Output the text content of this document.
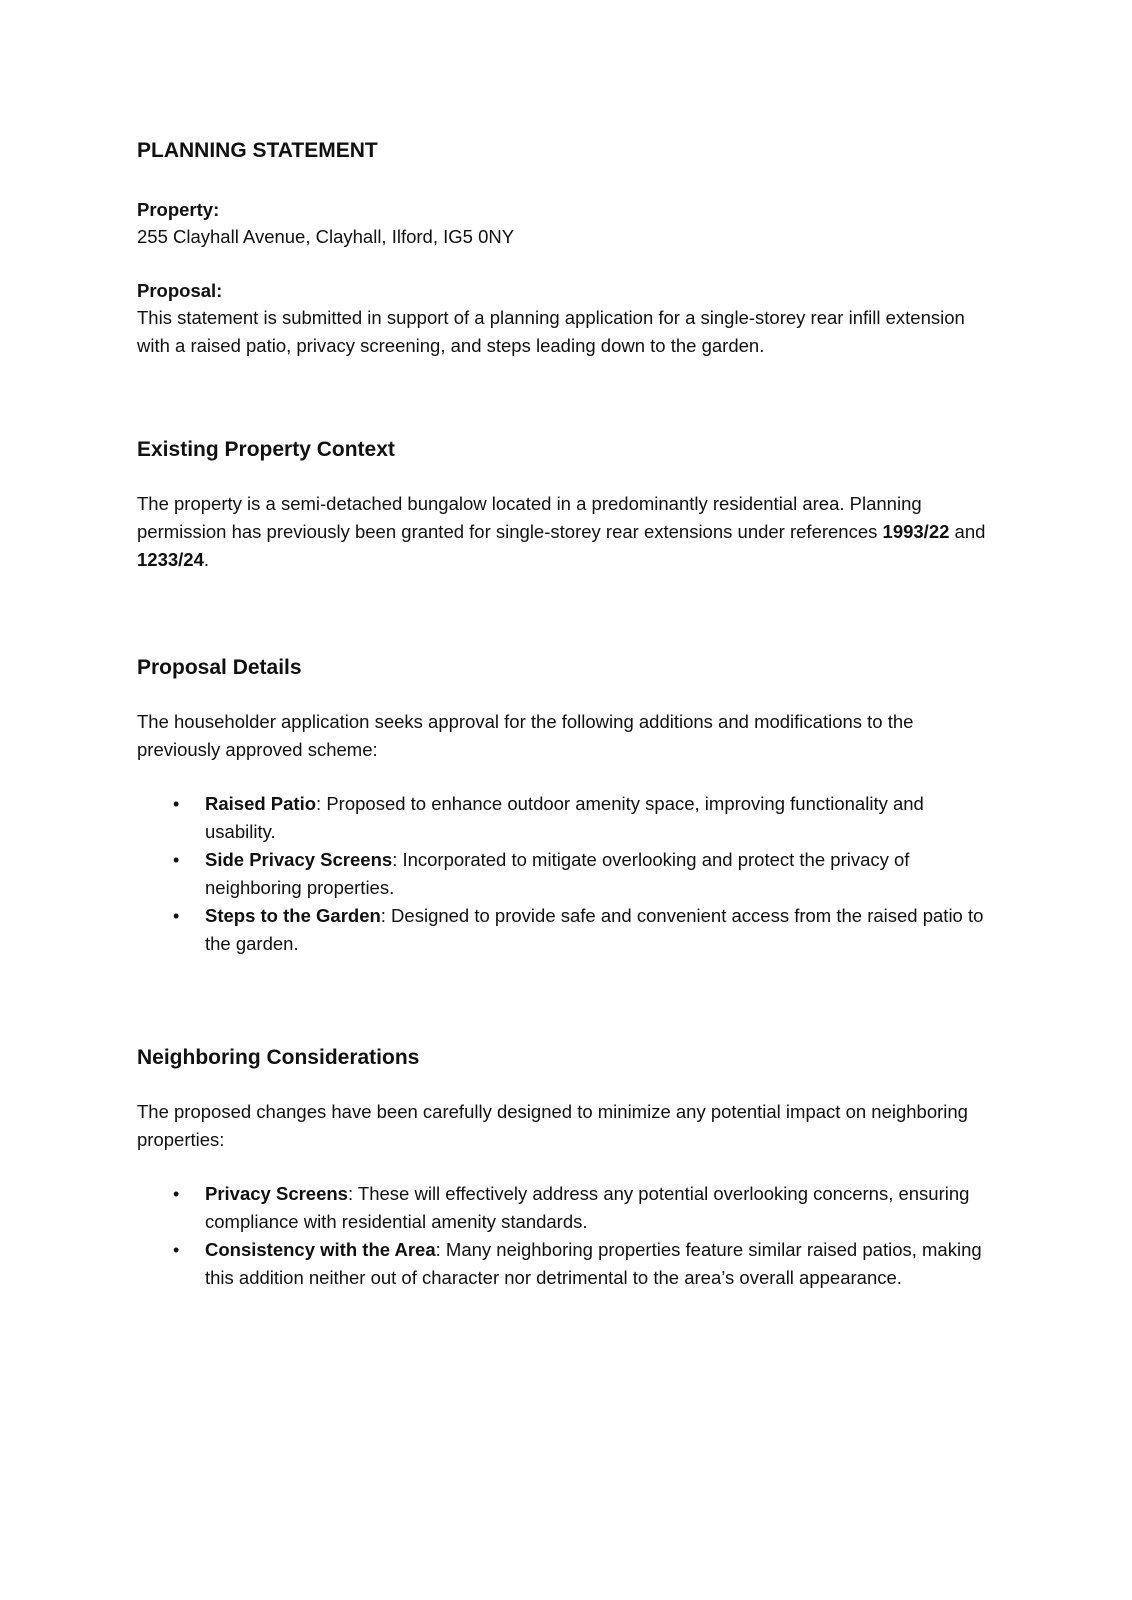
PLANNING STATEMENT

Property:

255 Clayhall Avenue, Clayhall, Ilford, IG5 0NY

Proposal:

This statement is submitted in support of a planning application for a single-storey rear infill extension with a raised patio, privacy screening, and steps leading down to the garden.

Existing Property Context

The property is a semi-detached bungalow located in a predominantly residential area. Planning permission has previously been granted for single-storey rear extensions under references 1993/22 and 1233/24.

Proposal Details

The householder application seeks approval for the following additions and modifications to the previously approved scheme:

• Raised Patio: Proposed to enhance outdoor amenity space, improving functionality and usability.
• Side Privacy Screens: Incorporated to mitigate overlooking and protect the privacy of neighboring properties.
• Steps to the Garden: Designed to provide safe and convenient access from the raised patio to the garden.

Neighboring Considerations

The proposed changes have been carefully designed to minimize any potential impact on neighboring properties:

• Privacy Screens: These will effectively address any potential overlooking concerns, ensuring compliance with residential amenity standards.
• Consistency with the Area: Many neighboring properties feature similar raised patios, making this addition neither out of character nor detrimental to the area’s overall appearance.
